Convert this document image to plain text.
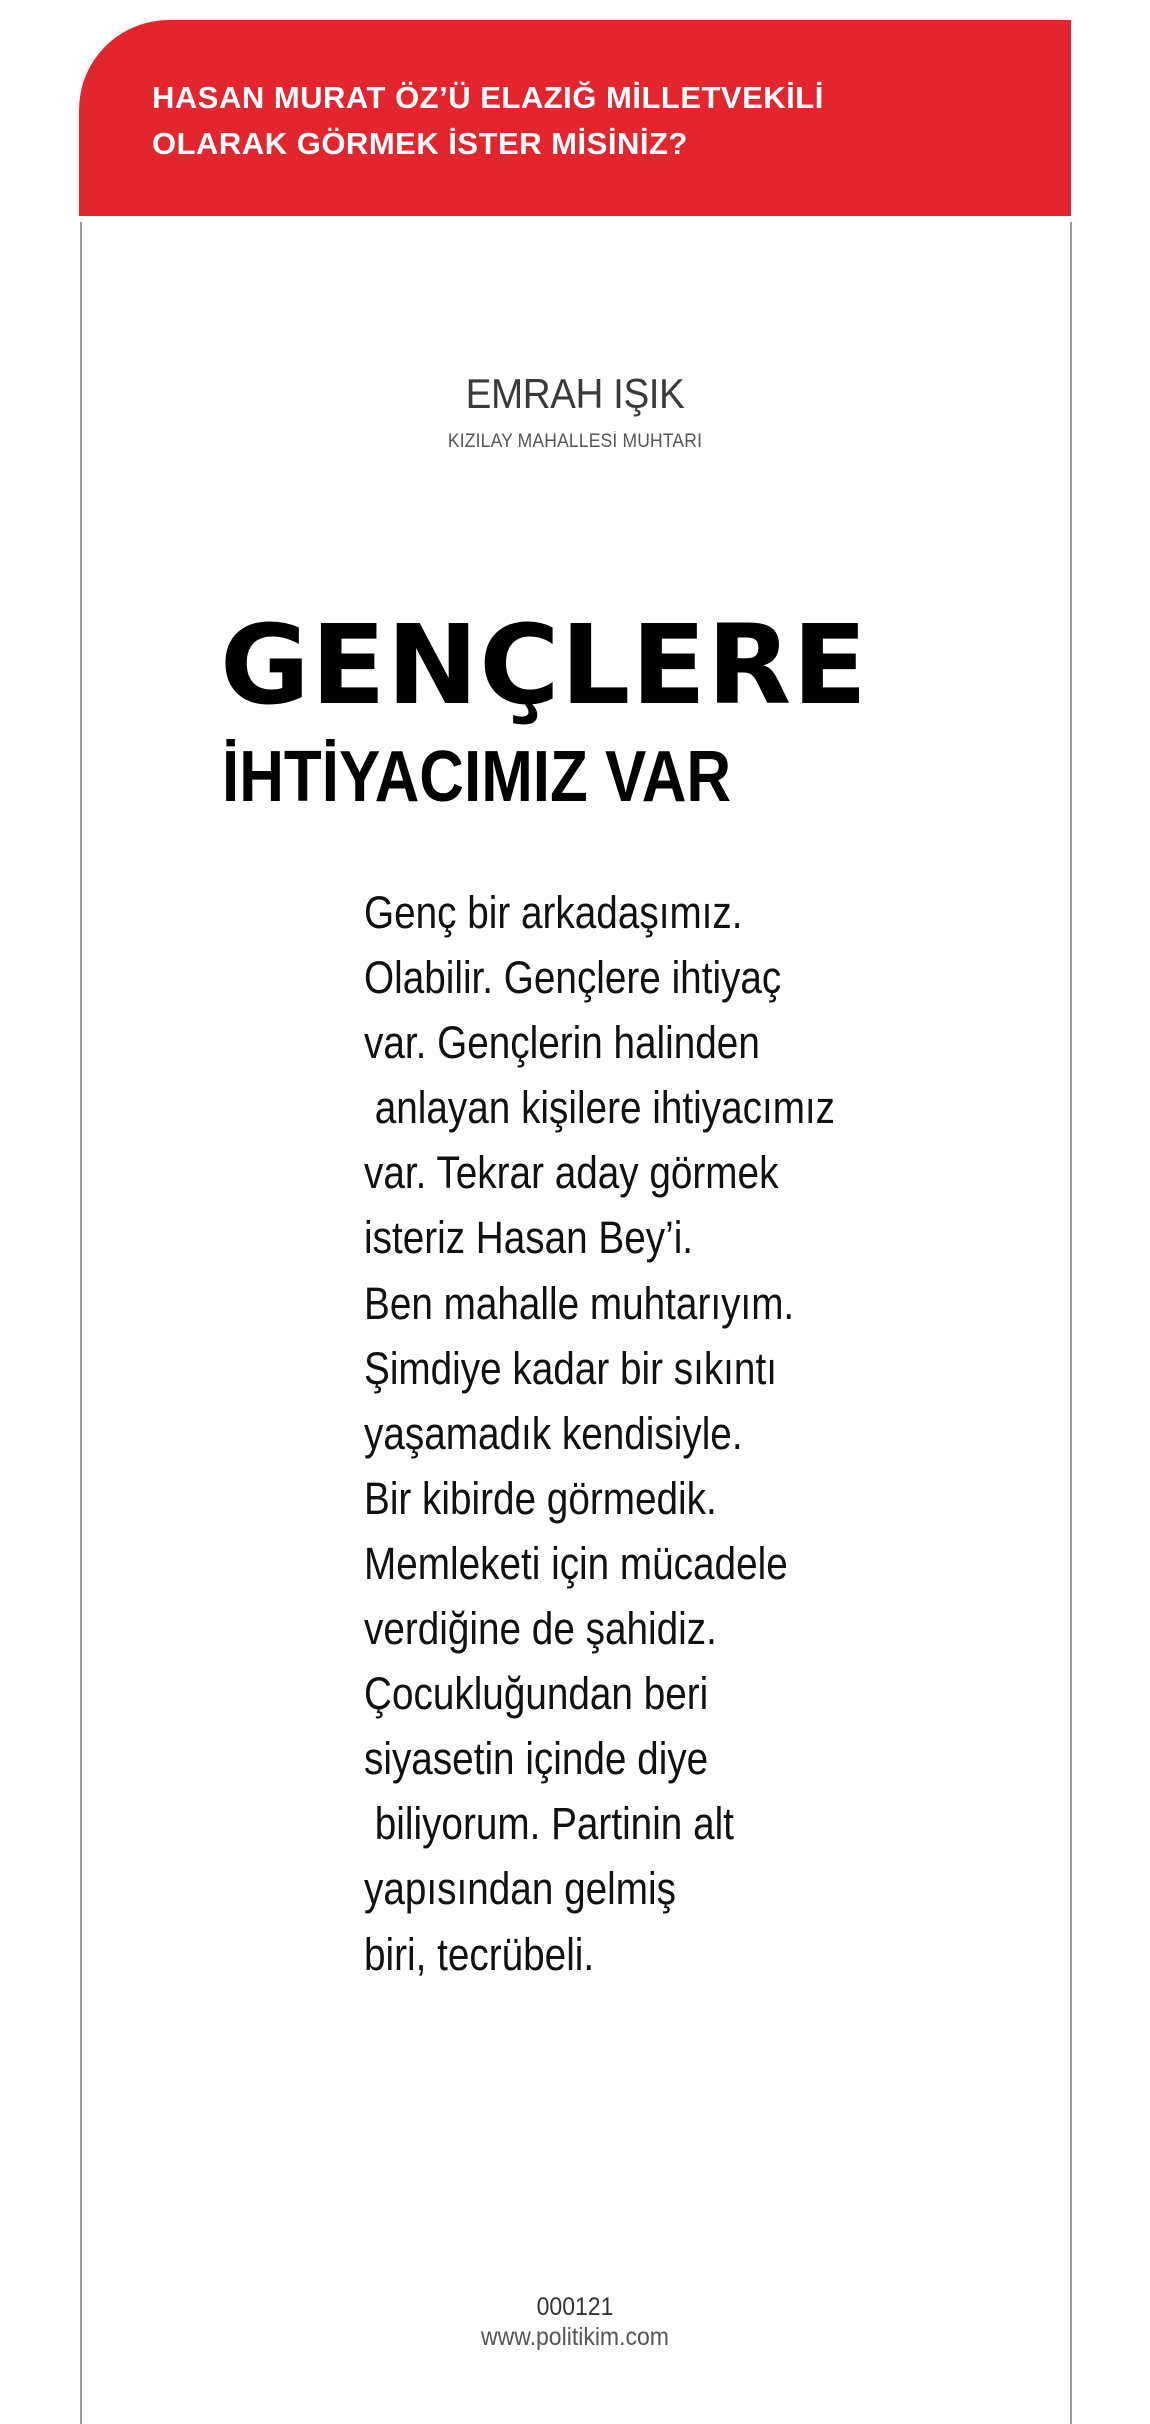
HASAN MURAT ÖZ’Ü ELAZIĞ MİLLETVEKİLİ
OLARAK GÖRMEK İSTER MİSİNİZ?
EMRAH IŞIK
KIZILAY MAHALLESİ MUHTARI
GENÇLERE
İHTİYACIMIZ VAR
Genç bir arkadaşımız.
Olabilir. Gençlere ihtiyaç
var. Gençlerin halinden
anlayan kişilere ihtiyacımız
var. Tekrar aday görmek
isteriz Hasan Bey’i.
Ben mahalle muhtarıyım.
Şimdiye kadar bir sıkıntı
yaşamadık kendisiyle.
Bir kibirde görmedik.
Memleketi için mücadele
verdiğine de şahidiz.
Çocukluğundan beri
siyasetin içinde diye
biliyorum. Partinin alt
yapısından gelmiş
biri, tecrübeli.
000121
www.politikim.com
